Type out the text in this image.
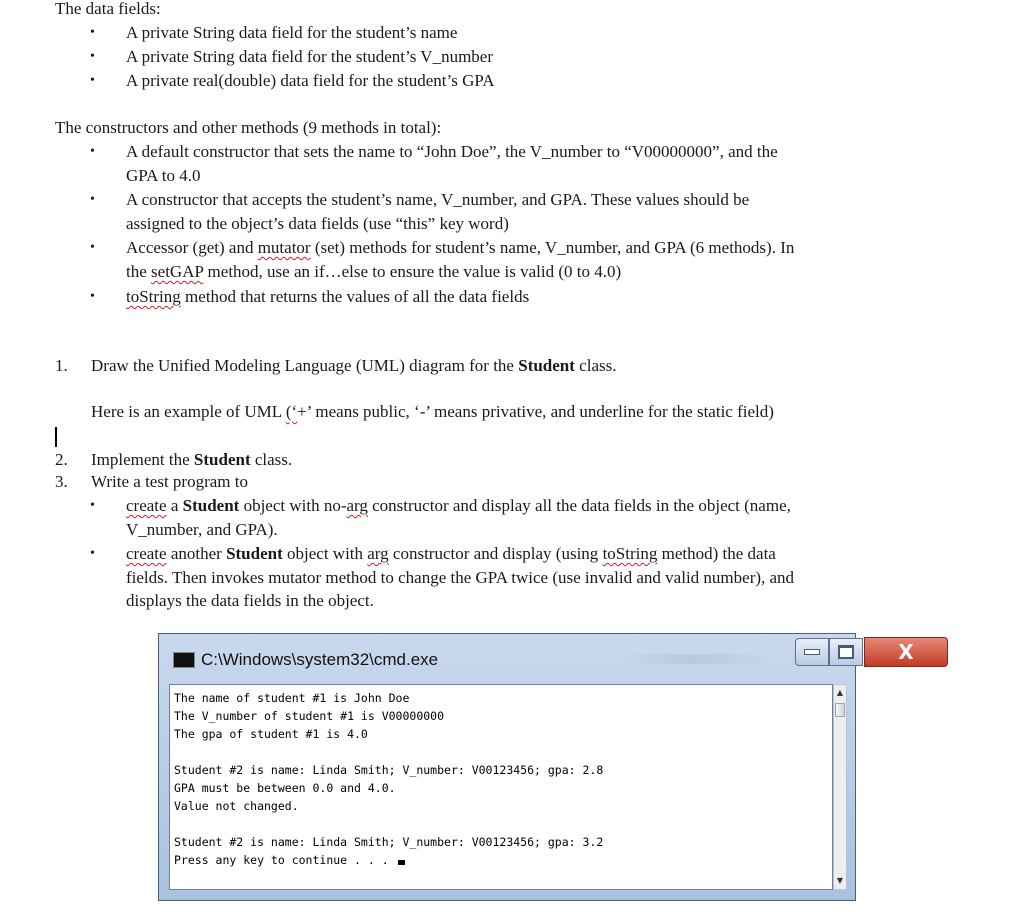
The data fields:
• A private String data field for the student’s name
• A private String data field for the student’s V_number
• A private real(double) data field for the student’s GPA
The constructors and other methods (9 methods in total):
• A default constructor that sets the name to “John Doe”, the V_number to “V00000000”, and the
GPA to 4.0
• A constructor that accepts the student’s name, V_number, and GPA. These values should be
assigned to the object’s data fields (use “this” key word)
• Accessor (get) and mutator (set) methods for student’s name, V_number, and GPA (6 methods). In
the setGAP method, use an if…else to ensure the value is valid (0 to 4.0)
• toString method that returns the values of all the data fields
1. Draw the Unified Modeling Language (UML) diagram for the Student class.
Here is an example of UML (‘+’ means public, ‘-’ means privative, and underline for the static field)
2. Implement the Student class.
3. Write a test program to
• create a Student object with no-arg constructor and display all the data fields in the object (name,
V_number, and GPA).
• create another Student object with arg constructor and display (using toString method) the data
fields. Then invokes mutator method to change the GPA twice (use invalid and valid number), and
displays the data fields in the object.
C:\Windows\system32\cmd.exe	X
The name of student #1 is John Doe
The V_number of student #1 is V00000000
The gpa of student #1 is 4.0
Student #2 is name: Linda Smith; V_number: V00123456; gpa: 2.8
GPA must be between 0.0 and 4.0.
Value not changed.
Student #2 is name: Linda Smith; V_number: V00123456; gpa: 3.2
Press any key to continue . . .
▲
▼
